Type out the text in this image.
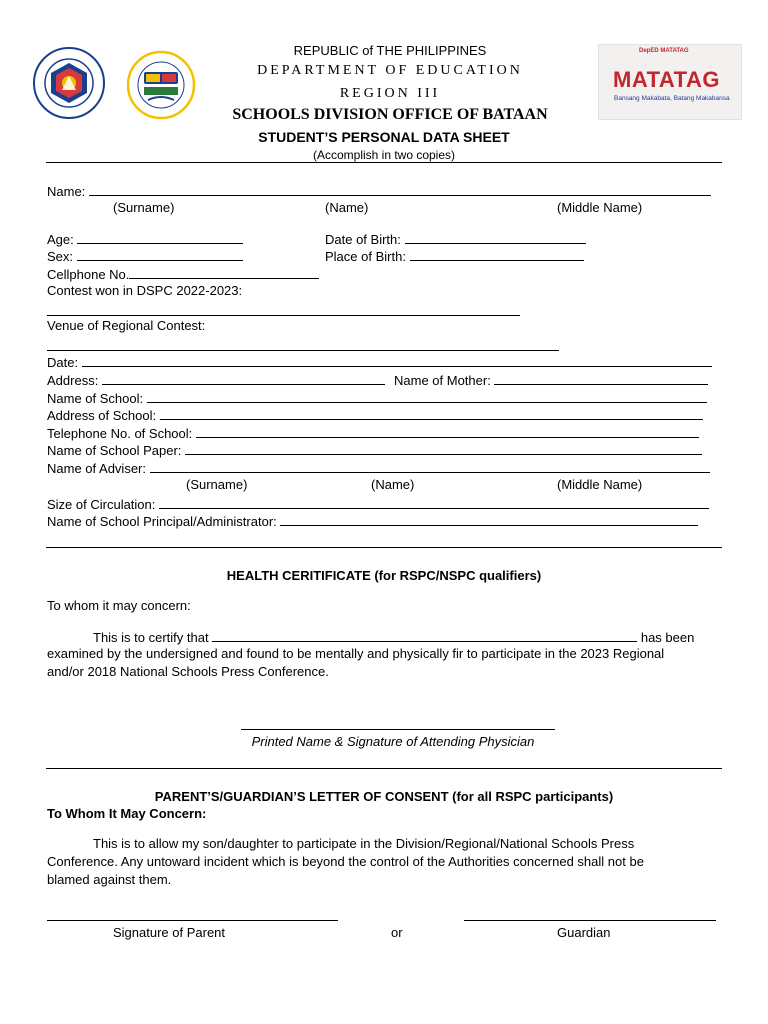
DepED MATATAG
MATATAG
Bansang Makabata, Batang Makabansa
REPUBLIC of THE PHILIPPINES
DEPARTMENT OF EDUCATION
REGION III
SCHOOLS DIVISION OFFICE OF BATAAN
STUDENT’S PERSONAL DATA SHEET
(Accomplish in two copies)
Name:
(Surname)	(Name)	(Middle Name)
Age:	Date of Birth:
Sex:	Place of Birth:
Cellphone No.
Contest won in DSPC 2022-2023:
Venue of Regional Contest:
Date:
Address:	Name of Mother:
Name of School:
Address of School:
Telephone No. of School:
Name of School Paper:
Name of Adviser:
(Surname)	(Name)	(Middle Name)
Size of Circulation:
Name of School Principal/Administrator:
HEALTH CERITIFICATE (for RSPC/NSPC qualifiers)
To whom it may concern:
This is to certify that	has been
examined by the undersigned and found to be mentally and physically fir to participate in the 2023 Regional
and/or 2018 National Schools Press Conference.
Printed Name & Signature of Attending Physician
PARENT’S/GUARDIAN’S LETTER OF CONSENT (for all RSPC participants)
To Whom It May Concern:
This is to allow my son/daughter to participate in the Division/Regional/National Schools Press
Conference. Any untoward incident which is beyond the control of the Authorities concerned shall not be
blamed against them.
Signature of Parent	or	Guardian
